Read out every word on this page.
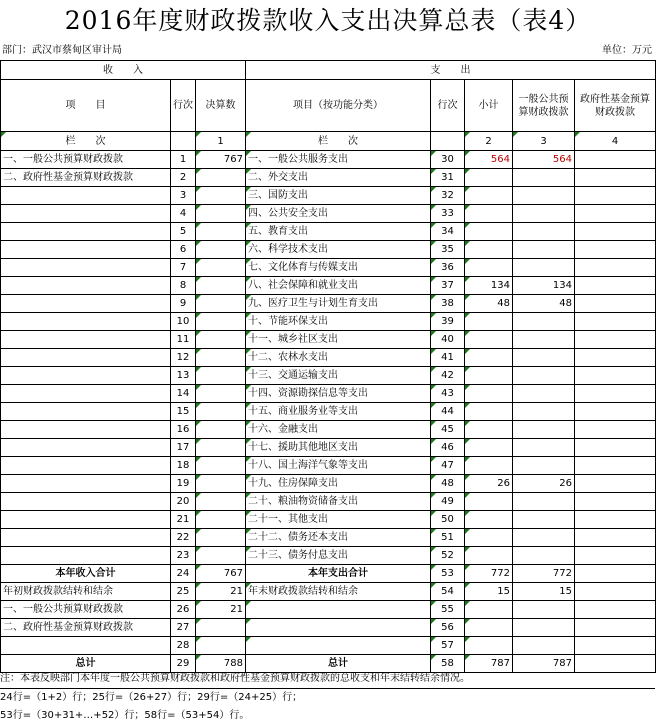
2016年度财政拨款收入支出决算总表（表4）
部门：武汉市蔡甸区审计局	单位：万元
收　　入			支　　出				
项　　目	行次	决算数	项目（按功能分类）	行次	小计	一般公共预算财政拨款	政府性基金预算财政拨款
栏　　次		1	栏　　次		2	3	4
一、一般公共预算财政拨款	1	767	一、一般公共服务支出	30	564	564	
二、政府性基金预算财政拨款	2		二、外交支出	31			
	3		三、国防支出	32			
	4		四、公共安全支出	33			
	5		五、教育支出	34			
	6		六、科学技术支出	35			
	7		七、文化体育与传媒支出	36			
	8		八、社会保障和就业支出	37	134	134	
	9		九、医疗卫生与计划生育支出	38	48	48	
	10		十、节能环保支出	39			
	11		十一、城乡社区支出	40			
	12		十二、农林水支出	41			
	13		十三、交通运输支出	42			
	14		十四、资源勘探信息等支出	43			
	15		十五、商业服务业等支出	44			
	16		十六、金融支出	45			
	17		十七、援助其他地区支出	46			
	18		十八、国土海洋气象等支出	47			
	19		十九、住房保障支出	48	26	26	
	20		二十、粮油物资储备支出	49			
	21		二十一、其他支出	50			
	22		二十二、债务还本支出	51			
	23		二十三、债务付息支出	52			
本年收入合计	24	767	本年支出合计	53	772	772	
年初财政拨款结转和结余	25	21	年末财政拨款结转和结余	54	15	15	
一、一般公共预算财政拨款	26	21		55			
二、政府性基金预算财政拨款	27			56			
	28			57			
总计	29	788	总计	58	787	787	
注：本表反映部门本年度一般公共预算财政拨款和政府性基金预算财政拨款的总收支和年末结转结余情况。
24行=（1+2）行；25行=（26+27）行；29行=（24+25）行；
53行=（30+31+…+52）行；58行=（53+54）行。
